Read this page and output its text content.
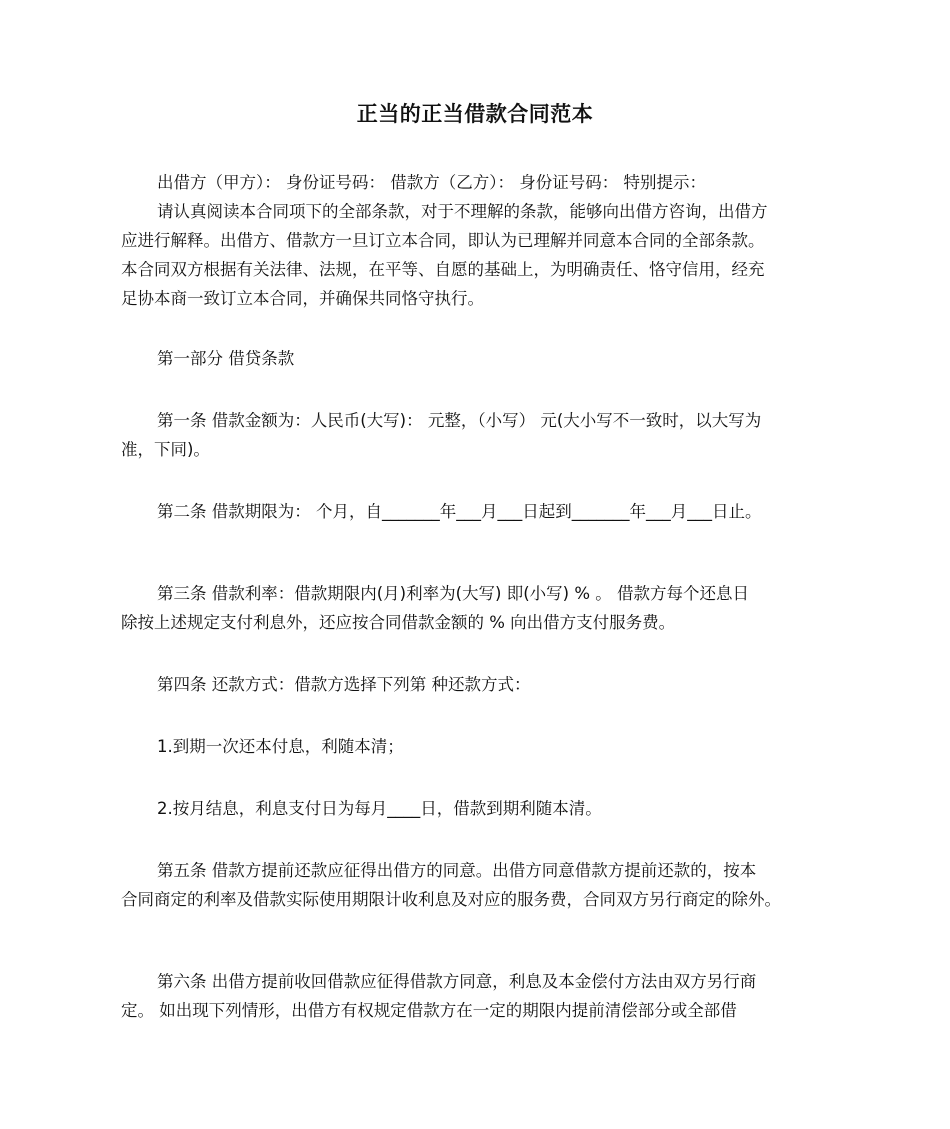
正当的正当借款合同范本

出借方（甲方）： 身份证号码： 借款方（乙方）： 身份证号码： 特别提示：
请认真阅读本合同项下的全部条款，对于不理解的条款，能够向出借方咨询，出借方
应进行解释。出借方、借款方一旦订立本合同，即认为已理解并同意本合同的全部条款。
本合同双方根据有关法律、法规，在平等、自愿的基础上，为明确责任、恪守信用，经充
足协本商一致订立本合同，并确保共同恪守执行。

第一部分 借贷条款

第一条 借款金额为：人民币(大写)： 元整，（小写） 元(大小写不一致时，以大写为
准，下同)。

第二条 借款期限为： 个月，自_______年___月___日起到_______年___月___日止。

第三条 借款利率：借款期限内(月)利率为(大写) 即(小写) % 。 借款方每个还息日
除按上述规定支付利息外，还应按合同借款金额的 % 向出借方支付服务费。

第四条 还款方式：借款方选择下列第 种还款方式：

1.到期一次还本付息，利随本清；

2.按月结息，利息支付日为每月____日，借款到期利随本清。

第五条 借款方提前还款应征得出借方的同意。出借方同意借款方提前还款的，按本
合同商定的利率及借款实际使用期限计收利息及对应的服务费，合同双方另行商定的除外。

第六条 出借方提前收回借款应征得借款方同意，利息及本金偿付方法由双方另行商
定。 如出现下列情形，出借方有权规定借款方在一定的期限内提前清偿部分或全部借
